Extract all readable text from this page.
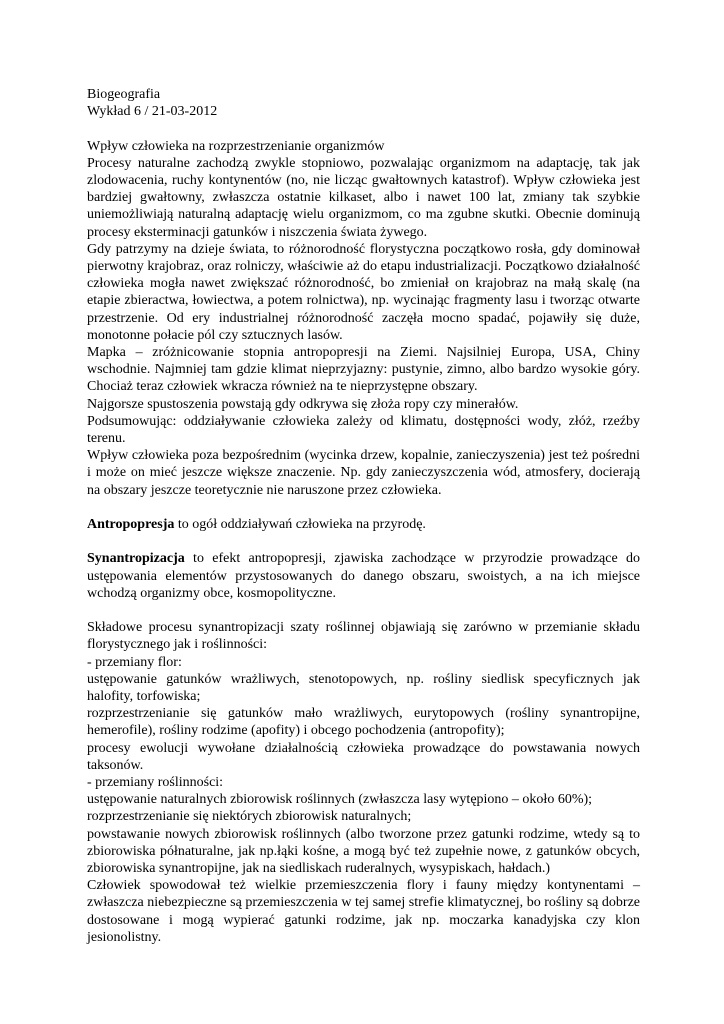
Biogeografia

Wykład 6 / 21-03-2012

Wpływ człowieka na rozprzestrzenianie organizmów

Procesy naturalne zachodzą zwykle stopniowo, pozwalając organizmom na adaptację, tak jak zlodowacenia, ruchy kontynentów (no, nie licząc gwałtownych katastrof). Wpływ człowieka jest bardziej gwałtowny, zwłaszcza ostatnie kilkaset, albo i nawet 100 lat, zmiany tak szybkie uniemożliwiają naturalną adaptację wielu organizmom, co ma zgubne skutki. Obecnie dominują procesy eksterminacji gatunków i niszczenia świata żywego.

Gdy patrzymy na dzieje świata, to różnorodność florystyczna początkowo rosła, gdy dominował pierwotny krajobraz, oraz rolniczy, właściwie aż do etapu industrializacji. Początkowo działalność człowieka mogła nawet zwiększać różnorodność, bo zmieniał on krajobraz na małą skalę (na etapie zbieractwa, łowiectwa, a potem rolnictwa), np. wycinając fragmenty lasu i tworząc otwarte przestrzenie. Od ery industrialnej różnorodność zaczęła mocno spadać, pojawiły się duże, monotonne połacie pól czy sztucznych lasów.

Mapka – zróżnicowanie stopnia antropopresji na Ziemi. Najsilniej Europa, USA, Chiny wschodnie. Najmniej tam gdzie klimat nieprzyjazny: pustynie, zimno, albo bardzo wysokie góry. Chociaż teraz człowiek wkracza również na te nieprzystępne obszary.

Najgorsze spustoszenia powstają gdy odkrywa się złoża ropy czy minerałów.

Podsumowując: oddziaływanie człowieka zależy od klimatu, dostępności wody, złóż, rzeźby terenu.

Wpływ człowieka poza bezpośrednim (wycinka drzew, kopalnie, zanieczyszenia) jest też pośredni i może on mieć jeszcze większe znaczenie. Np. gdy zanieczyszczenia wód, atmosfery, docierają na obszary jeszcze teoretycznie nie naruszone przez człowieka.

Antropopresja to ogół oddziaływań człowieka na przyrodę.

Synantropizacja to efekt antropopresji, zjawiska zachodzące w przyrodzie prowadzące do ustępowania elementów przystosowanych do danego obszaru, swoistych, a na ich miejsce wchodzą organizmy obce, kosmopolityczne.

Składowe procesu synantropizacji szaty roślinnej objawiają się zarówno w przemianie składu florystycznego jak i roślinności:

- przemiany flor:

ustępowanie gatunków wrażliwych, stenotopowych, np. rośliny siedlisk specyficznych jak halofity, torfowiska;

rozprzestrzenianie się gatunków mało wrażliwych, eurytopowych (rośliny synantropijne, hemerofile), rośliny rodzime (apofity) i obcego pochodzenia (antropofity);

procesy ewolucji wywołane działalnością człowieka prowadzące do powstawania nowych taksonów.

- przemiany roślinności:

ustępowanie naturalnych zbiorowisk roślinnych (zwłaszcza lasy wytępiono – około 60%);

rozprzestrzenianie się niektórych zbiorowisk naturalnych;

powstawanie nowych zbiorowisk roślinnych (albo tworzone przez gatunki rodzime, wtedy są to zbiorowiska półnaturalne, jak np.łąki kośne, a mogą być też zupełnie nowe, z gatunków obcych, zbiorowiska synantropijne, jak na siedliskach ruderalnych, wysypiskach, hałdach.)

Człowiek spowodował też wielkie przemieszczenia flory i fauny między kontynentami – zwłaszcza niebezpieczne są przemieszczenia w tej samej strefie klimatycznej, bo rośliny są dobrze dostosowane i mogą wypierać gatunki rodzime, jak np. moczarka kanadyjska czy klon jesionolistny.
